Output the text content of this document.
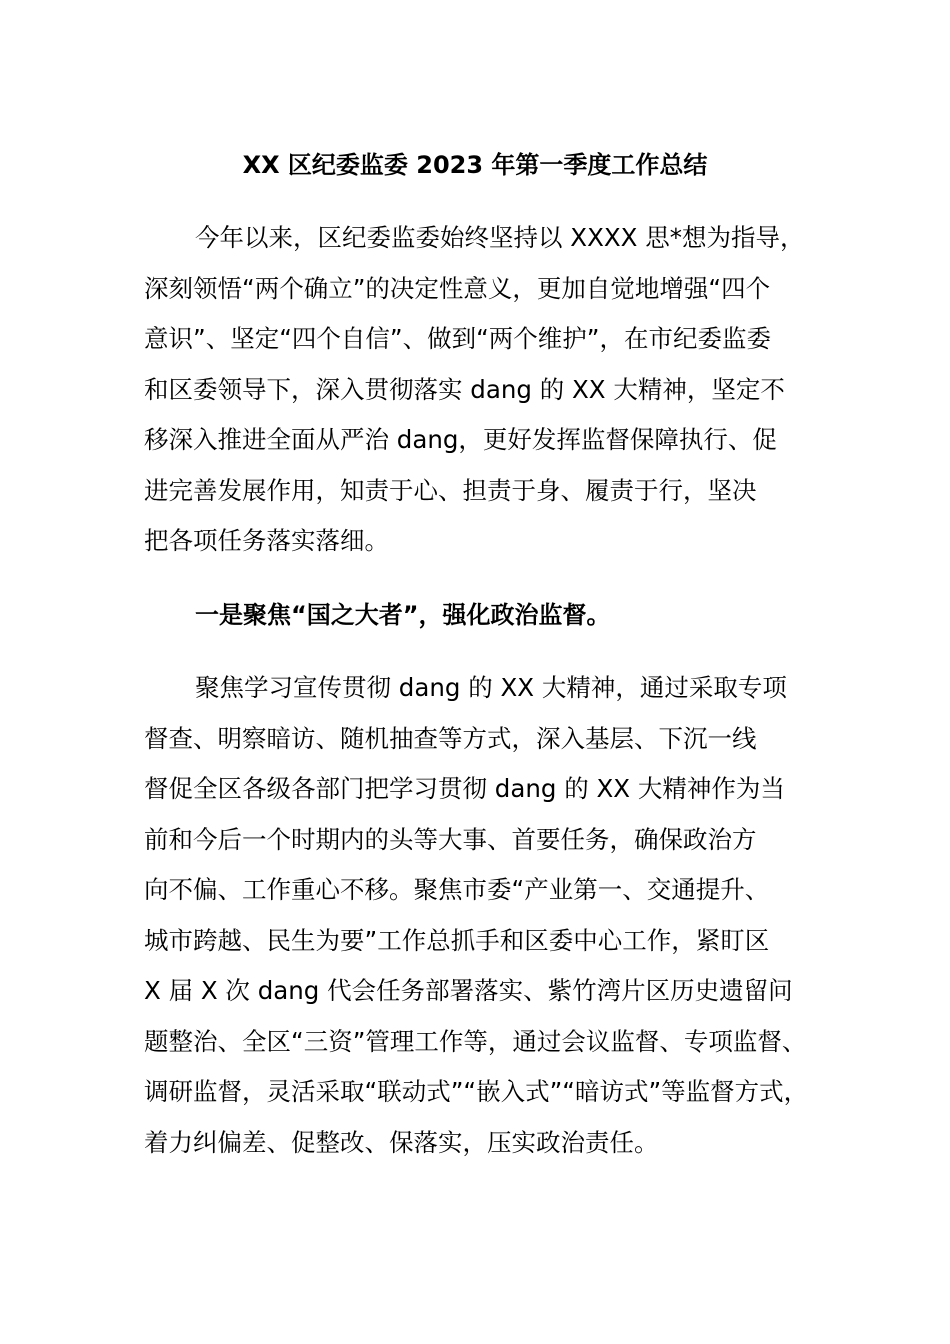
XX 区纪委监委 2023 年第一季度工作总结
今年以来，区纪委监委始终坚持以 XXXX 思*想为指导，
深刻领悟“两个确立”的决定性意义，更加自觉地增强“四个
意识”、坚定“四个自信”、做到“两个维护”，在市纪委监委
和区委领导下，深入贯彻落实 dang 的 XX 大精神，坚定不
移深入推进全面从严治 dang，更好发挥监督保障执行、促
进完善发展作用，知责于心、担责于身、履责于行，坚决
把各项任务落实落细。
一是聚焦“国之大者”，强化政治监督。
聚焦学习宣传贯彻 dang 的 XX 大精神，通过采取专项
督查、明察暗访、随机抽查等方式，深入基层、下沉一线
督促全区各级各部门把学习贯彻 dang 的 XX 大精神作为当
前和今后一个时期内的头等大事、首要任务，确保政治方
向不偏、工作重心不移。聚焦市委“产业第一、交通提升、
城市跨越、民生为要”工作总抓手和区委中心工作，紧盯区
X 届 X 次 dang 代会任务部署落实、紫竹湾片区历史遗留问
题整治、全区“三资”管理工作等，通过会议监督、专项监督、
调研监督，灵活采取“联动式”“嵌入式”“暗访式”等监督方式，
着力纠偏差、促整改、保落实，压实政治责任。
